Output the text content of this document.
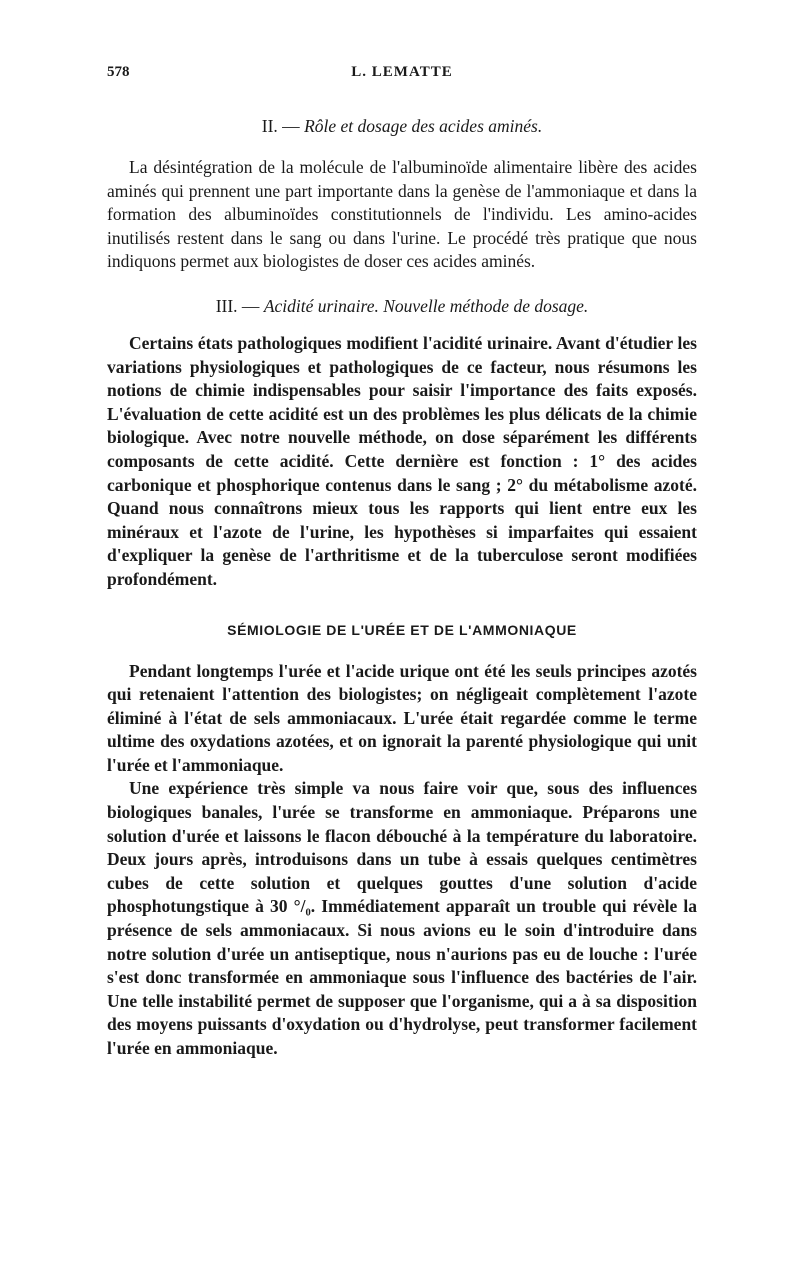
578	L. LEMATTE

II. — Rôle et dosage des acides aminés.

La désintégration de la molécule de l'albuminoïde alimentaire libère des acides aminés qui prennent une part importante dans la genèse de l'ammoniaque et dans la formation des albuminoïdes constitutionnels de l'individu. Les amino-acides inutilisés restent dans le sang ou dans l'urine. Le procédé très pratique que nous indiquons permet aux biologistes de doser ces acides aminés.

III. — Acidité urinaire. Nouvelle méthode de dosage.

Certains états pathologiques modifient l'acidité urinaire. Avant d'étudier les variations physiologiques et pathologiques de ce facteur, nous résumons les notions de chimie indispensables pour saisir l'importance des faits exposés. L'évaluation de cette acidité est un des problèmes les plus délicats de la chimie biologique. Avec notre nouvelle méthode, on dose séparément les différents composants de cette acidité. Cette dernière est fonction : 1° des acides carbonique et phosphorique contenus dans le sang ; 2° du métabolisme azoté. Quand nous connaîtrons mieux tous les rapports qui lient entre eux les minéraux et l'azote de l'urine, les hypothèses si imparfaites qui essaient d'expliquer la genèse de l'arthritisme et de la tuberculose seront modifiées profondément.

SÉMIOLOGIE DE L'URÉE ET DE L'AMMONIAQUE

Pendant longtemps l'urée et l'acide urique ont été les seuls principes azotés qui retenaient l'attention des biologistes; on négligeait complètement l'azote éliminé à l'état de sels ammoniacaux. L'urée était regardée comme le terme ultime des oxydations azotées, et on ignorait la parenté physiologique qui unit l'urée et l'ammoniaque.

Une expérience très simple va nous faire voir que, sous des influences biologiques banales, l'urée se transforme en ammoniaque. Préparons une solution d'urée et laissons le flacon débouché à la température du laboratoire. Deux jours après, introduisons dans un tube à essais quelques centimètres cubes de cette solution et quelques gouttes d'une solution d'acide phosphotungstique à 30 °/₀. Immédiatement apparaît un trouble qui révèle la présence de sels ammoniacaux. Si nous avions eu le soin d'introduire dans notre solution d'urée un antiseptique, nous n'aurions pas eu de louche : l'urée s'est donc transformée en ammoniaque sous l'influence des bactéries de l'air. Une telle instabilité permet de supposer que l'organisme, qui a à sa disposition des moyens puissants d'oxydation ou d'hydrolyse, peut transformer facilement l'urée en ammoniaque.
